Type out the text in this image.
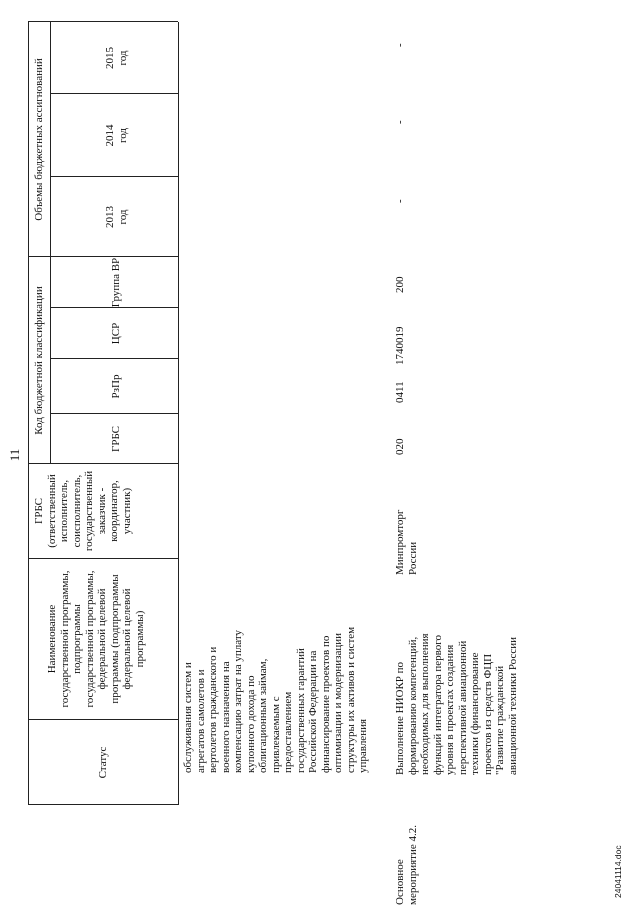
11
Статус
Наименование государственной программы, подпрограммы государственной программы, федеральной целевой программы (подпрограммы федеральной целевой программы)
ГРБС (ответственный исполнитель, соисполнитель, государственный заказчик - координатор, участник)
Код бюджетной классификации
Объемы бюджетных ассигнований
ГРБС
РзПр
ЦСР
Группа ВР
2013 год
2014 год
2015 год
обслуживания систем и агрегатов самолетов и вертолетов гражданского и военного назначения на компенсацию затрат на уплату купонного дохода по облигационным займам, привлекаемым с предоставлением государственных гарантий Российской Федерации на финансирование проектов по оптимизации и модернизации структуры их активов и систем управления
Основное мероприятие 4.2.
Выполнение НИОКР по формированию компетенций, необходимых для выполнения функций интегратора первого уровня в проектах создания перспективной авиационной техники (финансирование проектов из средств ФЦП "Развитие гражданской авиационной техники России
Минпромторг России
020
0411
1740019
200
-
-
-
24041114.doc
